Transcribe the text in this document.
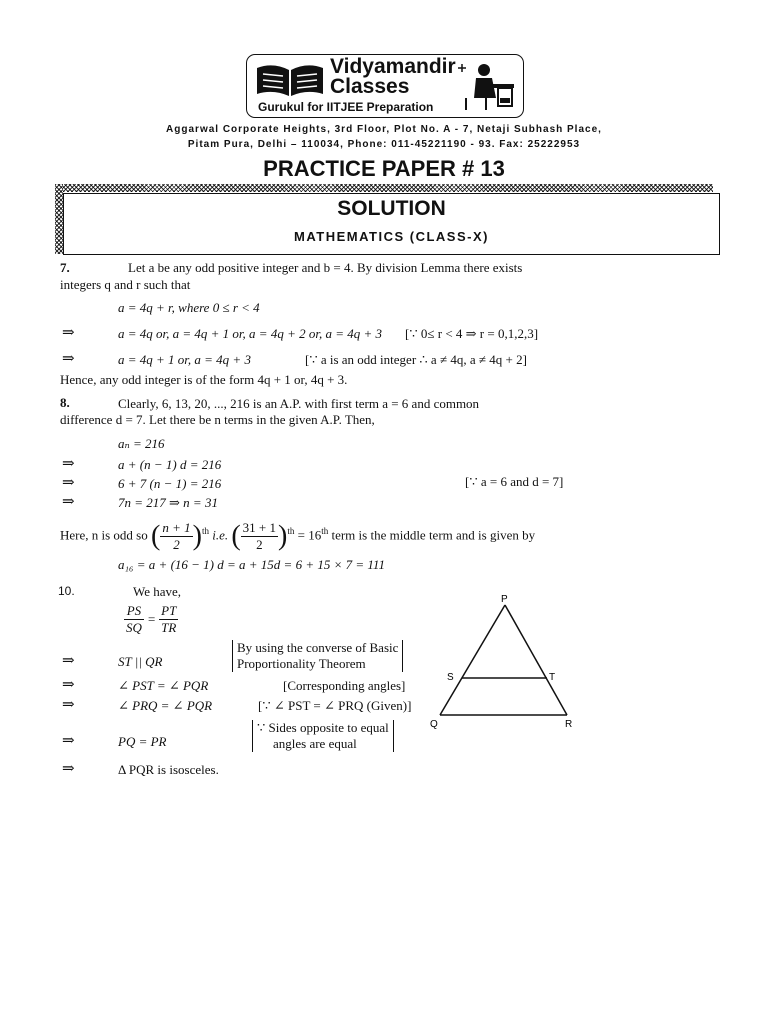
Vidyamandir
Classes
Gurukul for IITJEE Preparation
Aggarwal Corporate Heights, 3rd Floor, Plot No. A - 7, Netaji Subhash Place,
Pitam Pura, Delhi – 110034, Phone: 011-45221190 - 93. Fax: 25222953
PRACTICE PAPER # 13
SOLUTION
MATHEMATICS (CLASS-X)
7.	Let a be any odd positive integer and b = 4. By division Lemma there exists
integers q and r such that
a = 4q + r, where 0 ≤ r < 4
⇒	a = 4q or, a = 4q + 1 or, a = 4q + 2 or, a = 4q + 3 [∵ 0≤ r < 4 ⇒ r = 0,1,2,3]
⇒	a = 4q + 1 or, a = 4q + 3	[∵ a is an odd integer ∴ a ≠ 4q, a ≠ 4q + 2]
Hence, any odd integer is of the form 4q + 1 or, 4q + 3.
8.	Clearly, 6, 13, 20, ..., 216 is an A.P. with first term a = 6 and common
difference d = 7. Let there be n terms in the given A.P. Then,
aₙ = 216
⇒	a + (n − 1) d = 216
⇒	6 + 7 (n − 1) = 216	[∵ a = 6 and d = 7]
⇒	7n = 217 ⇒ n = 31
Here, n is odd so ( $\frac{n + 1}{2} )^{th}$ i.e. ( $\frac{31 + 1}{2} )^{th} = 16th$ term is the middle term and is given by
a₁₆ = a + (16 − 1) d = a + 15d = 6 + 15 × 7 = 111
10.	We have,
$\frac{PS}{SQ} = \frac{PT}{TR}$
⇒	ST || QR
By using the converse of Basic
Proportionality Theorem
⇒	∠ PST = ∠ PQR	[Corresponding angles]
⇒	∠ PRQ = ∠ PQR	[∵ ∠ PST = ∠ PRQ (Given)]
⇒	PQ = PR
∵ Sides opposite to equal
angles are equal
⇒	Δ PQR is isosceles.
P
S	T
Q	R
